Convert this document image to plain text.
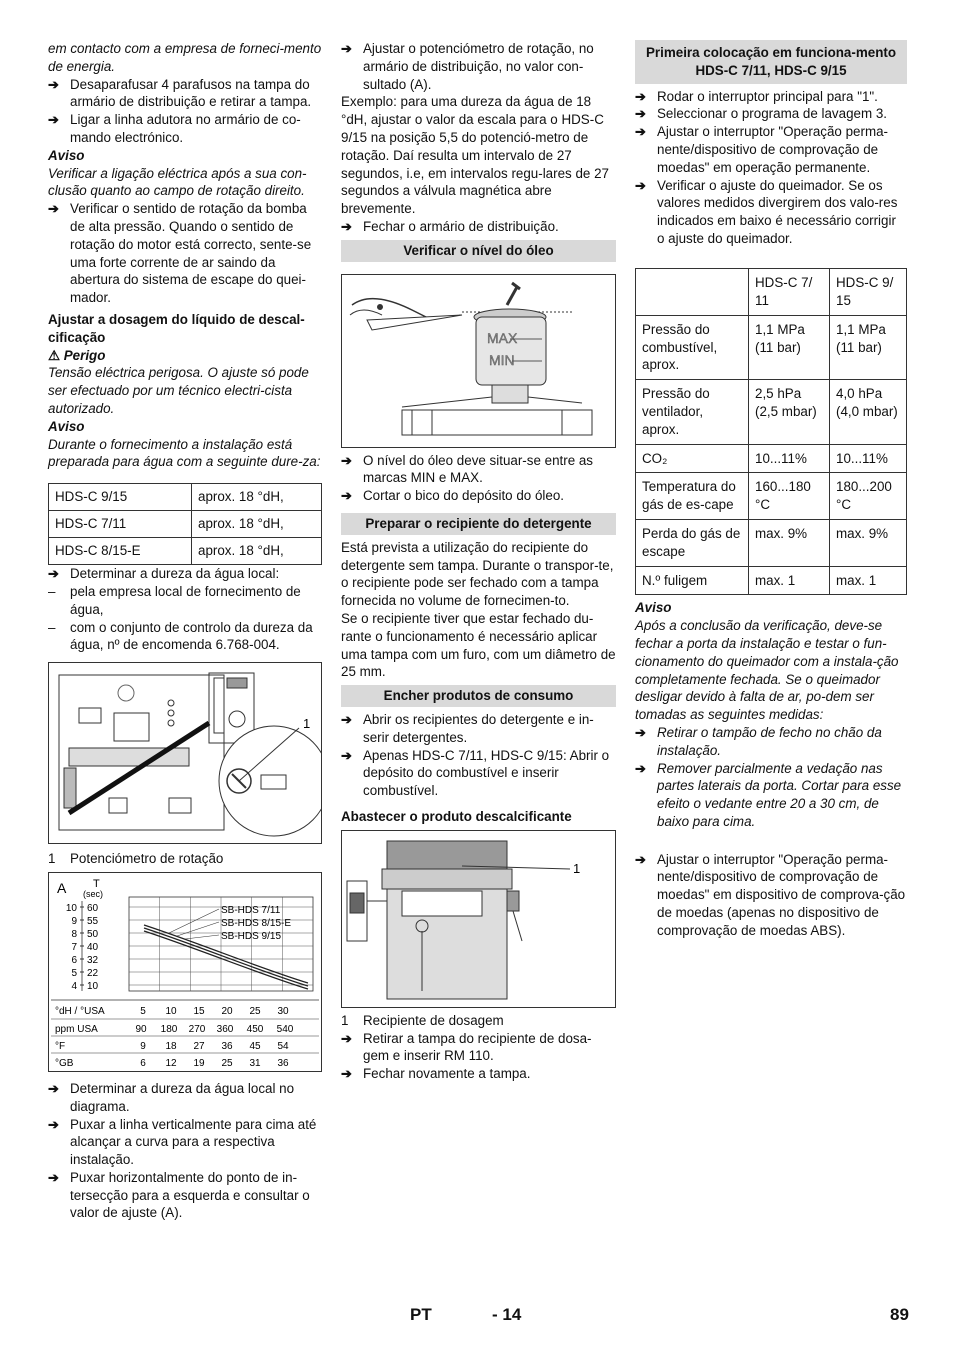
em contacto com a empresa de forneci-mento de energia.

➔ Desaparafusar 4 parafusos na tampa do armário de distribuição e retirar a tampa.
➔ Ligar a linha adutora no armário de co-mando electrónico.

Aviso

Verificar a ligação eléctrica após a sua con-clusão quanto ao campo de rotação direito.

➔ Verificar o sentido de rotação da bomba de alta pressão. Quando o sentido de rotação do motor está correcto, sente-se uma forte corrente de ar saindo da abertura do sistema de escape do quei-mador.

Ajustar a dosagem do líquido de descal-cificação

⚠ Perigo

Tensão eléctrica perigosa. O ajuste só pode ser efectuado por um técnico electri-cista autorizado.

Aviso

Durante o fornecimento a instalação está preparada para água com a seguinte dure-za:

HDS-C 9/15	aprox. 18 °dH,
HDS-C 7/11	aprox. 18 °dH,
HDS-C 8/15-E	aprox. 18 °dH,
➔ Determinar a dureza da água local:
– pela empresa local de fornecimento de água,
– com o conjunto de controlo da dureza da água, nº de encomenda 6.768-004.
1

1 Potenciómetro de rotação

A T
(sec)
10 60
9 55
8 50
7 40
6 32
5 22
4 10
SB-HDS 7/11
SB-HDS 8/15-E
SB-HDS 9/15
°dH / °USA	5 10 15 20 25 30
ppm USA	90 180 270 360 450 540
°F	9 18 27 36 45 54
°GB	6 12 19 25 31 36
➔ Determinar a dureza da água local no diagrama.
➔ Puxar a linha verticalmente para cima até alcançar a curva para a respectiva instalação.
➔ Puxar horizontalmente do ponto de in-tersecção para a esquerda e consultar o valor de ajuste (A).
➔ Ajustar o potenciómetro de rotação, no armário de distribuição, no valor con-sultado (A).

Exemplo: para uma dureza da água de 18 °dH, ajustar o valor da escala para o HDS-C 9/15 na posição 5,5 do potenció-metro de rotação. Daí resulta um intervalo de 27 segundos, i.e, em intervalos regu-lares de 27 segundos a válvula magnética abre brevemente.

➔ Fechar o armário de distribuição.
Verificar o nível do óleo
MAX
MIN
➔ O nível do óleo deve situar-se entre as marcas MIN e MAX.
➔ Cortar o bico do depósito do óleo.
Preparar o recipiente do detergente

Está prevista a utilização do recipiente do detergente sem tampa. Durante o transpor-te, o recipiente pode ser fechado com a tampa fornecida no volume de fornecimen-to.

Se o recipiente tiver que estar fechado du-rante o funcionamento é necessário aplicar uma tampa com um furo, com um diâmetro de 25 mm.

Encher produtos de consumo
➔ Abrir os recipientes do detergente e in-serir detergentes.
➔ Apenas HDS-C 7/11, HDS-C 9/15: Abrir o depósito do combustível e inserir combustível.

Abastecer o produto descalcificante

1

1 Recipiente de dosagem

➔ Retirar a tampa do recipiente de dosa-gem e inserir RM 110.
➔ Fechar novamente a tampa.
Primeira colocação em funciona-mento HDS-C 7/11, HDS-C 9/15
➔ Rodar o interruptor principal para "1".
➔ Seleccionar o programa de lavagem 3.
➔ Ajustar o interruptor "Operação perma-nente/dispositivo de comprovação de moedas" em operação permanente.
➔ Verificar o ajuste do queimador. Se os valores medidos divergirem dos valo-res indicados em baixo é necessário corrigir o ajuste do queimador.
	HDS-C 7/ 11	HDS-C 9/ 15
Pressão do combustível, aprox.	1,1 MPa (11 bar)	1,1 MPa (11 bar)
Pressão do ventilador, aprox.	2,5 hPa (2,5 mbar)	4,0 hPa (4,0 mbar)
CO₂	10...11%	10...11%
Temperatura do gás de es-cape	160...180 °C	180...200 °C
Perda do gás de escape	max. 9%	max. 9%
N.º fuligem	max. 1	max. 1

Aviso

Após a conclusão da verificação, deve-se fechar a porta da instalação e testar o fun-cionamento do queimador com a instala-ção completamente fechada. Se o queimador desligar devido à falta de ar, po-dem ser tomadas as seguintes medidas:

➔ Retirar o tampão de fecho no chão da instalação.
➔ Remover parcialmente a vedação nas partes laterais da porta. Cortar para esse efeito o vedante entre 20 a 30 cm, de baixo para cima.
➔ Ajustar o interruptor "Operação perma-nente/dispositivo de comprovação de moedas" em dispositivo de comprova-ção de moedas (apenas no dispositivo de comprovação de moedas ABS).
PT	- 14	89
